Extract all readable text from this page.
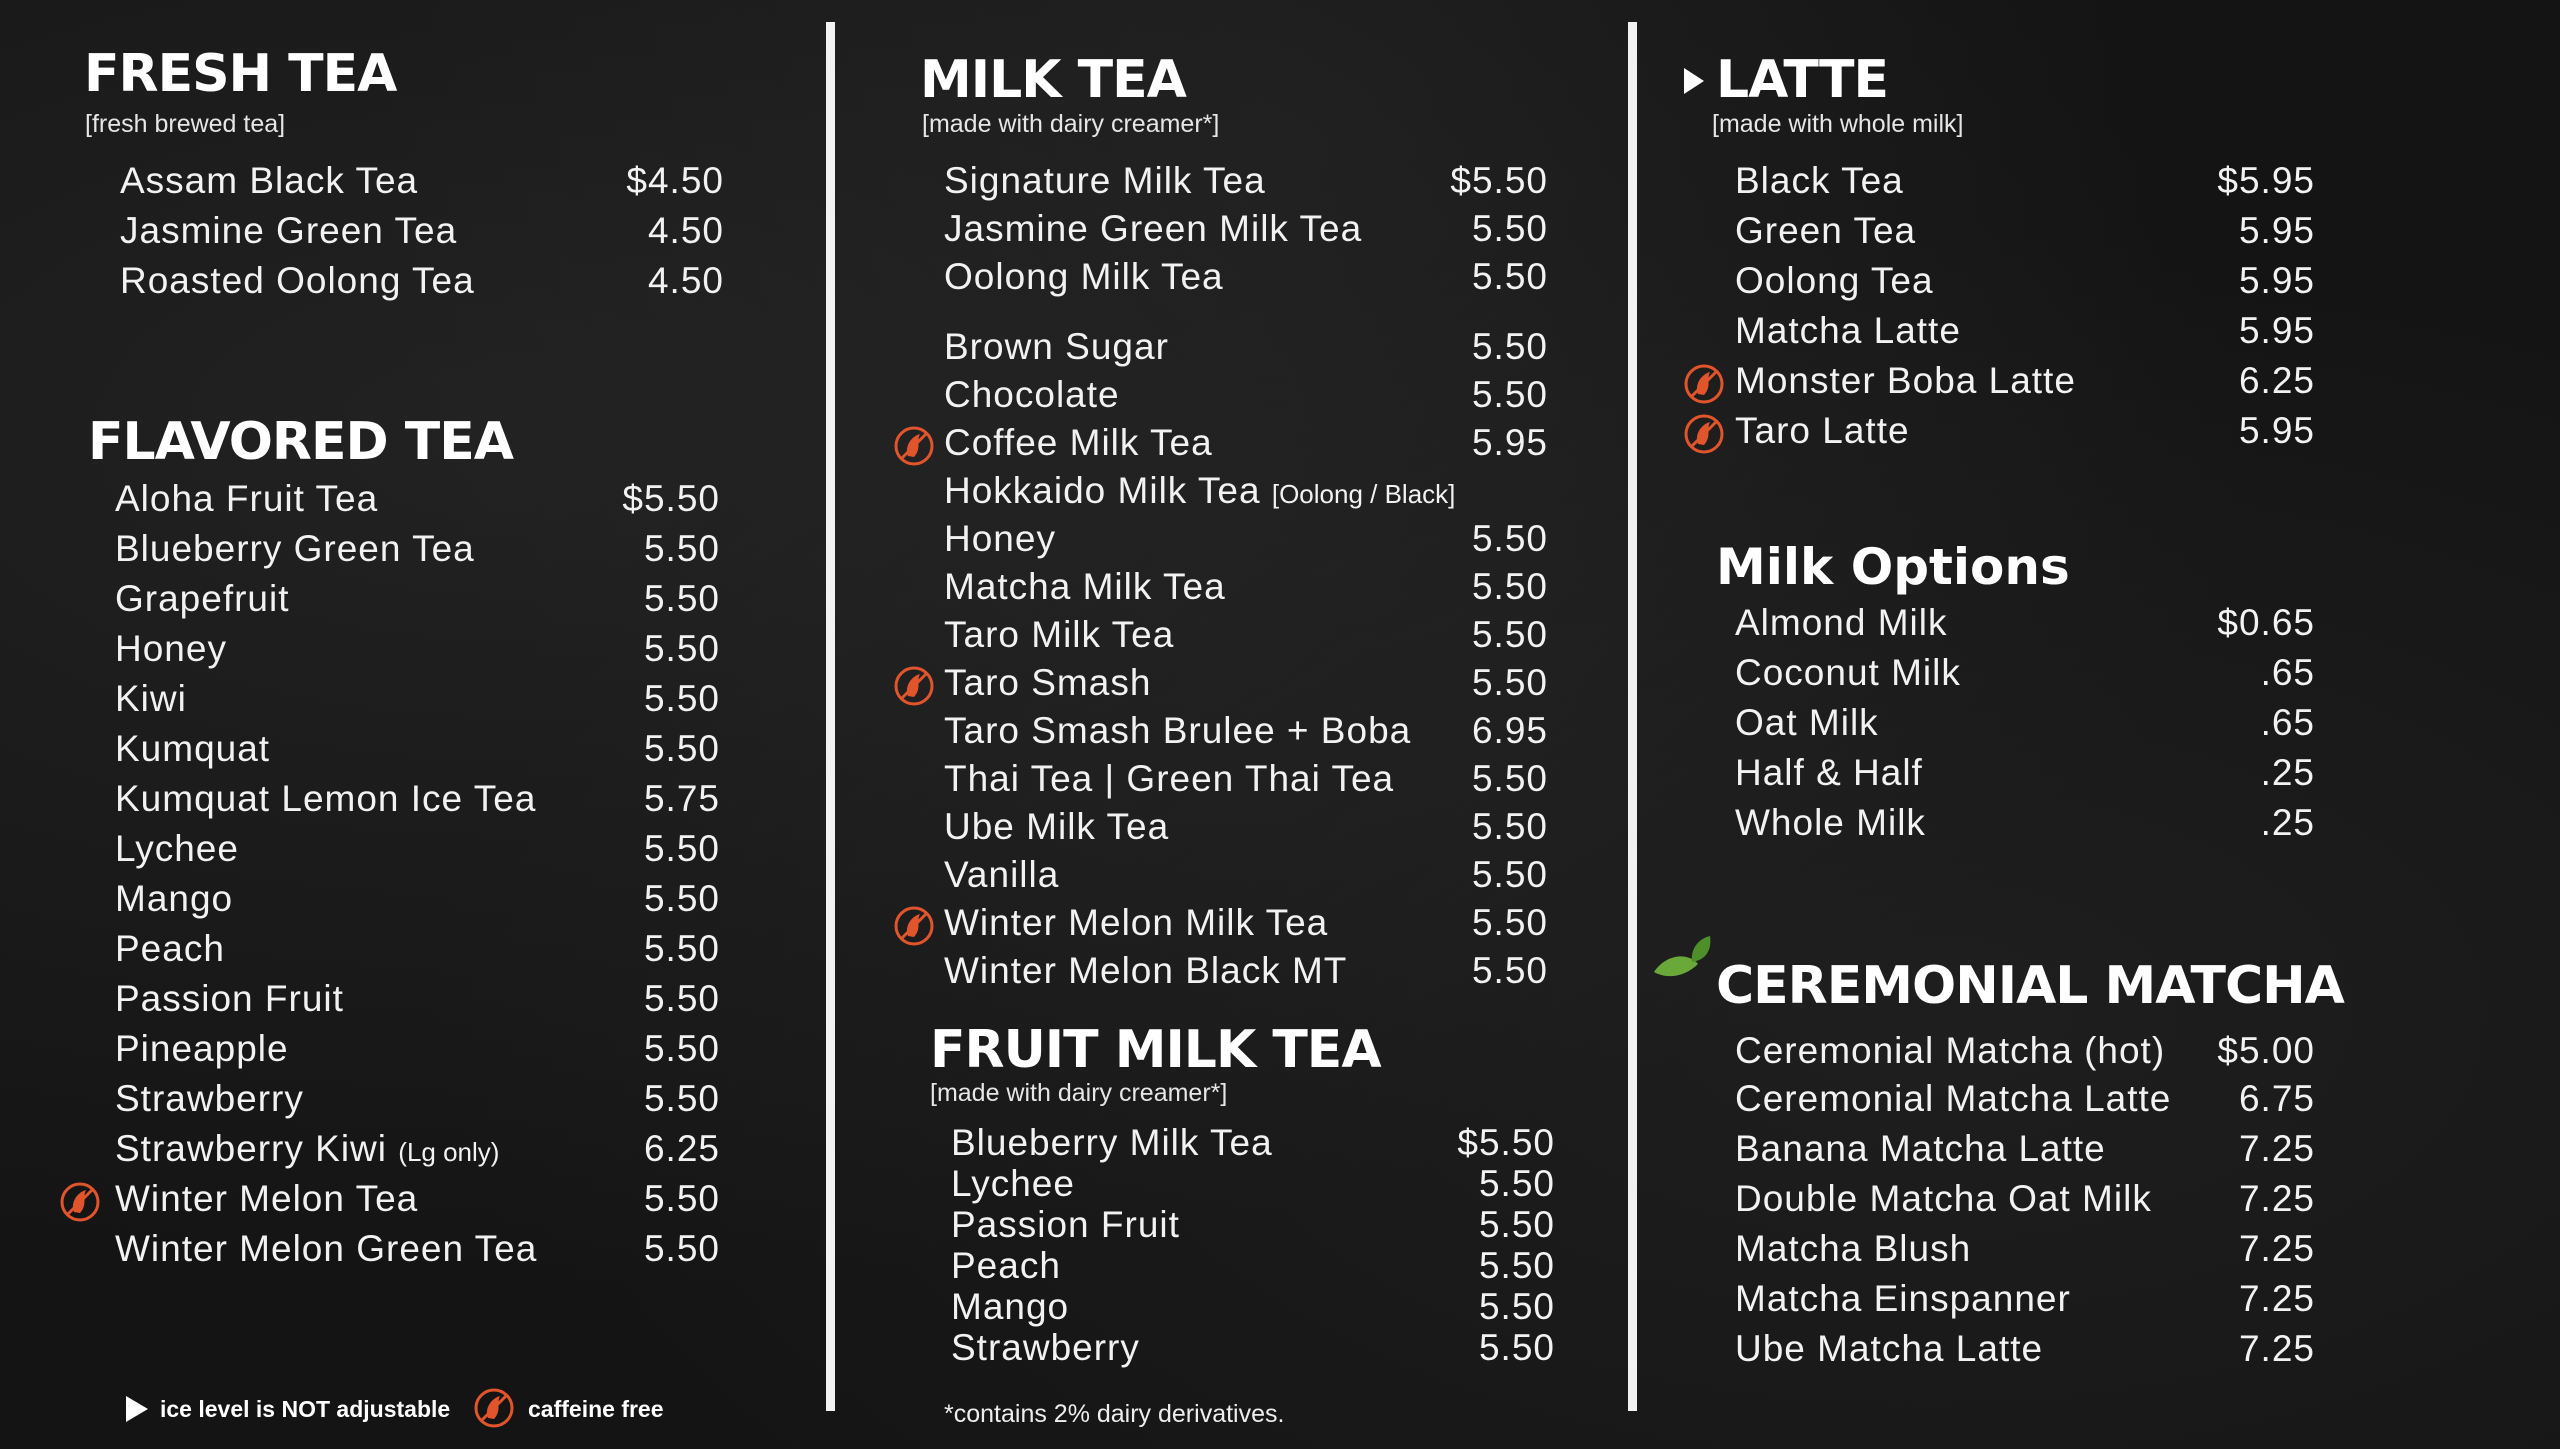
FRESH TEA
[fresh brewed tea]
Assam Black Tea	$4.50
Jasmine Green Tea	4.50
Roasted Oolong Tea	4.50
FLAVORED TEA
Aloha Fruit Tea	$5.50
Blueberry Green Tea	5.50
Grapefruit	5.50
Honey	5.50
Kiwi	5.50
Kumquat	5.50
Kumquat Lemon Ice Tea	5.75
Lychee	5.50
Mango	5.50
Peach	5.50
Passion Fruit	5.50
Pineapple	5.50
Strawberry	5.50
Strawberry Kiwi (Lg only)	6.25
Winter Melon Tea	5.50
Winter Melon Green Tea	5.50
ice level is NOT adjustable	caffeine free
MILK TEA
[made with dairy creamer*]
Signature Milk Tea	$5.50
Jasmine Green Milk Tea	5.50
Oolong Milk Tea	5.50
Brown Sugar	5.50
Chocolate	5.50
Coffee Milk Tea	5.95
Hokkaido Milk Tea [Oolong / Black]
Honey	5.50
Matcha Milk Tea	5.50
Taro Milk Tea	5.50
Taro Smash	5.50
Taro Smash Brulee + Boba 6.95
Thai Tea | Green Thai Tea 5.50
Ube Milk Tea	5.50
Vanilla	5.50
Winter Melon Milk Tea	5.50
Winter Melon Black MT	5.50
FRUIT MILK TEA
[made with dairy creamer*]
Blueberry Milk Tea	$5.50
Lychee	5.50
Passion Fruit	5.50
Peach	5.50
Mango	5.50
Strawberry	5.50
*contains 2% dairy derivatives.
LATTE
[made with whole milk]
Black Tea	$5.95
Green Tea	5.95
Oolong Tea	5.95
Matcha Latte	5.95
Monster Boba Latte	6.25
Taro Latte	5.95
Milk Options
Almond Milk	$0.65
Coconut Milk	.65
Oat Milk	.65
Half & Half	.25
Whole Milk	.25
CEREMONIAL MATCHA
Ceremonial Matcha (hot) $5.00
Ceremonial Matcha Latte 6.75
Banana Matcha Latte	7.25
Double Matcha Oat Milk 7.25
Matcha Blush	7.25
Matcha Einspanner	7.25
Ube Matcha Latte	7.25
